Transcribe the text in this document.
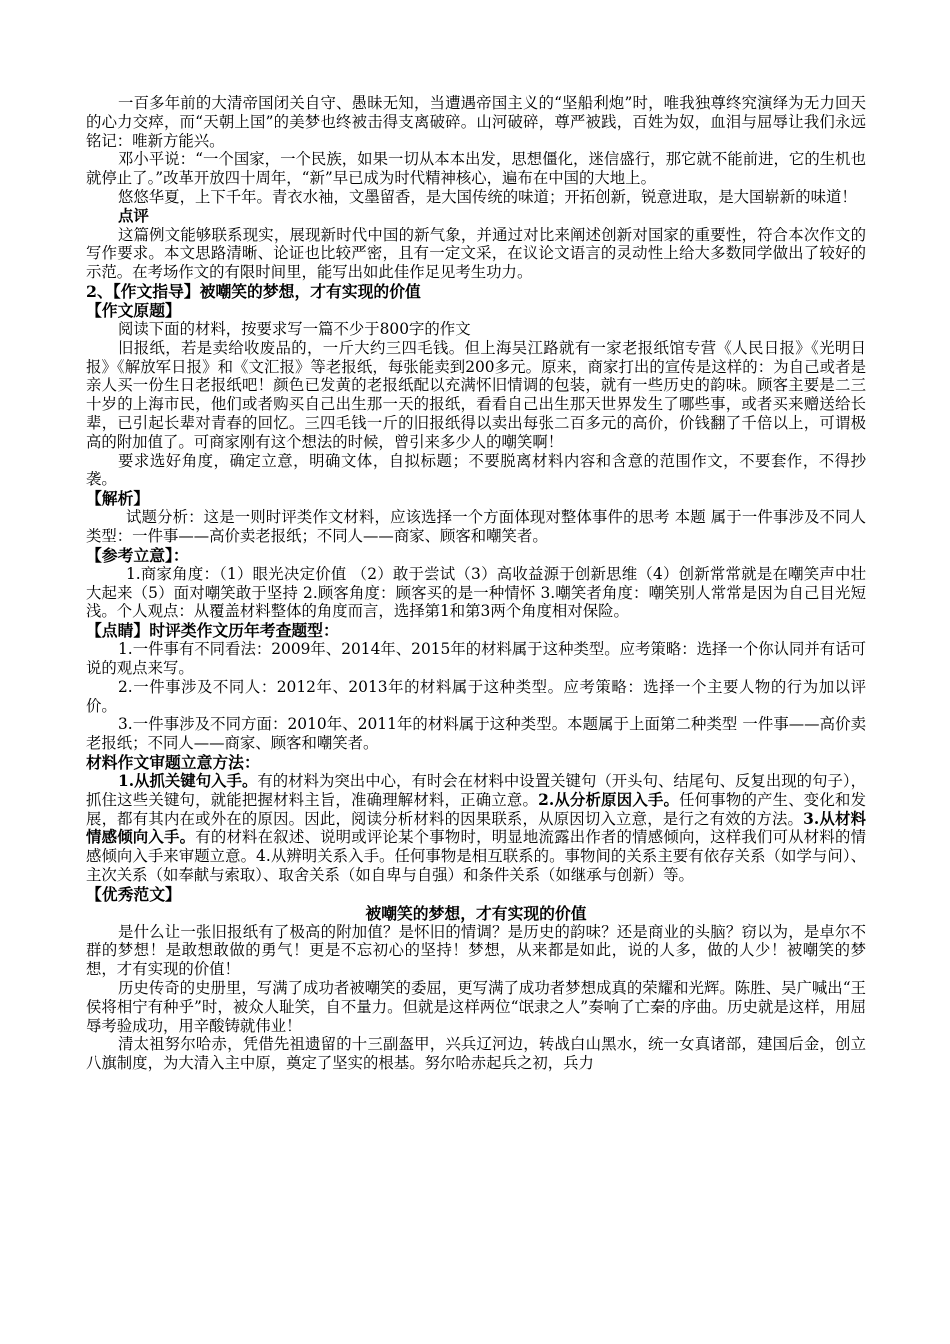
一百多年前的大清帝国闭关自守、愚昧无知，当遭遇帝国主义的“坚船利炮”时，唯我独尊终究演绎为无力回天的心力交瘁，而“天朝上国”的美梦也终被击得支离破碎。山河破碎，尊严被践，百姓为奴，血泪与屈辱让我们永远铭记：唯新方能兴。

邓小平说：“一个国家，一个民族，如果一切从本本出发，思想僵化，迷信盛行，那它就不能前进，它的生机也就停止了。”改革开放四十周年，“新”早已成为时代精神核心，遍布在中国的大地上。

悠悠华夏，上下千年。青衣水袖，文墨留香，是大国传统的味道；开拓创新，锐意进取，是大国崭新的味道！

点评

这篇例文能够联系现实，展现新时代中国的新气象，并通过对比来阐述创新对国家的重要性，符合本次作文的写作要求。本文思路清晰、论证也比较严密，且有一定文采，在议论文语言的灵动性上给大多数同学做出了较好的示范。在考场作文的有限时间里，能写出如此佳作足见考生功力。

2、【作文指导】被嘲笑的梦想，才有实现的价值

【作文原题】

阅读下面的材料，按要求写一篇不少于800字的作文

旧报纸，若是卖给收废品的，一斤大约三四毛钱。但上海吴江路就有一家老报纸馆专营《人民日报》《光明日报》《解放军日报》和《文汇报》等老报纸，每张能卖到200多元。原来，商家打出的宣传是这样的：为自己或者是亲人买一份生日老报纸吧！颜色已发黄的老报纸配以充满怀旧情调的包装，就有一些历史的韵味。顾客主要是二三十岁的上海市民，他们或者购买自己出生那一天的报纸，看看自己出生那天世界发生了哪些事，或者买来赠送给长辈，已引起长辈对青春的回忆。三四毛钱一斤的旧报纸得以卖出每张二百多元的高价，价钱翻了千倍以上，可谓极高的附加值了。可商家刚有这个想法的时候，曾引来多少人的嘲笑啊！

要求选好角度，确定立意，明确文体，自拟标题；不要脱离材料内容和含意的范围作文，不要套作，不得抄袭。

【解析】

试题分析：这是一则时评类作文材料，应该选择一个方面体现对整体事件的思考 本题 属于一件事涉及不同人类型：一件事——高价卖老报纸；不同人——商家、顾客和嘲笑者。

【参考立意】：

1.商家角度：（1）眼光决定价值 （2）敢于尝试（3）高收益源于创新思维（4）创新常常就是在嘲笑声中壮大起来（5）面对嘲笑敢于坚持 2.顾客角度：顾客买的是一种情怀 3.嘲笑者角度：嘲笑别人常常是因为自己目光短浅。个人观点：从覆盖材料整体的角度而言，选择第1和第3两个角度相对保险。

【点睛】时评类作文历年考查题型：

1.一件事有不同看法：2009年、2014年、2015年的材料属于这种类型。应考策略：选择一个你认同并有话可说的观点来写。

2.一件事涉及不同人：2012年、2013年的材料属于这种类型。应考策略：选择一个主要人物的行为加以评价。

3.一件事涉及不同方面：2010年、2011年的材料属于这种类型。本题属于上面第二种类型 一件事——高价卖老报纸；不同人——商家、顾客和嘲笑者。

材料作文审题立意方法：

1.从抓关键句入手。有的材料为突出中心，有时会在材料中设置关键句（开头句、结尾句、反复出现的句子），抓住这些关键句，就能把握材料主旨，准确理解材料，正确立意。2.从分析原因入手。任何事物的产生、变化和发展，都有其内在或外在的原因。因此，阅读分析材料的因果联系，从原因切入立意，是行之有效的方法。3.从材料情感倾向入手。有的材料在叙述、说明或评论某个事物时，明显地流露出作者的情感倾向，这样我们可从材料的情感倾向入手来审题立意。4.从辨明关系入手。任何事物是相互联系的。事物间的关系主要有依存关系（如学与问）、主次关系（如奉献与索取）、取舍关系（如自卑与自强）和条件关系（如继承与创新）等。

【优秀范文】

被嘲笑的梦想，才有实现的价值

是什么让一张旧报纸有了极高的附加值？是怀旧的情调？是历史的韵味？还是商业的头脑？窃以为，是卓尔不群的梦想！是敢想敢做的勇气！更是不忘初心的坚持！梦想，从来都是如此，说的人多，做的人少！被嘲笑的梦想，才有实现的价值！

历史传奇的史册里，写满了成功者被嘲笑的委屈，更写满了成功者梦想成真的荣耀和光辉。陈胜、吴广喊出“王侯将相宁有种乎”时，被众人耻笑，自不量力。但就是这样两位“氓隶之人”奏响了亡秦的序曲。历史就是这样，用屈辱考验成功，用辛酸铸就伟业！

清太祖努尔哈赤，凭借先祖遗留的十三副盔甲，兴兵辽河边，转战白山黑水，统一女真诸部，建国后金，创立八旗制度，为大清入主中原，奠定了坚实的根基。努尔哈赤起兵之初，兵力
